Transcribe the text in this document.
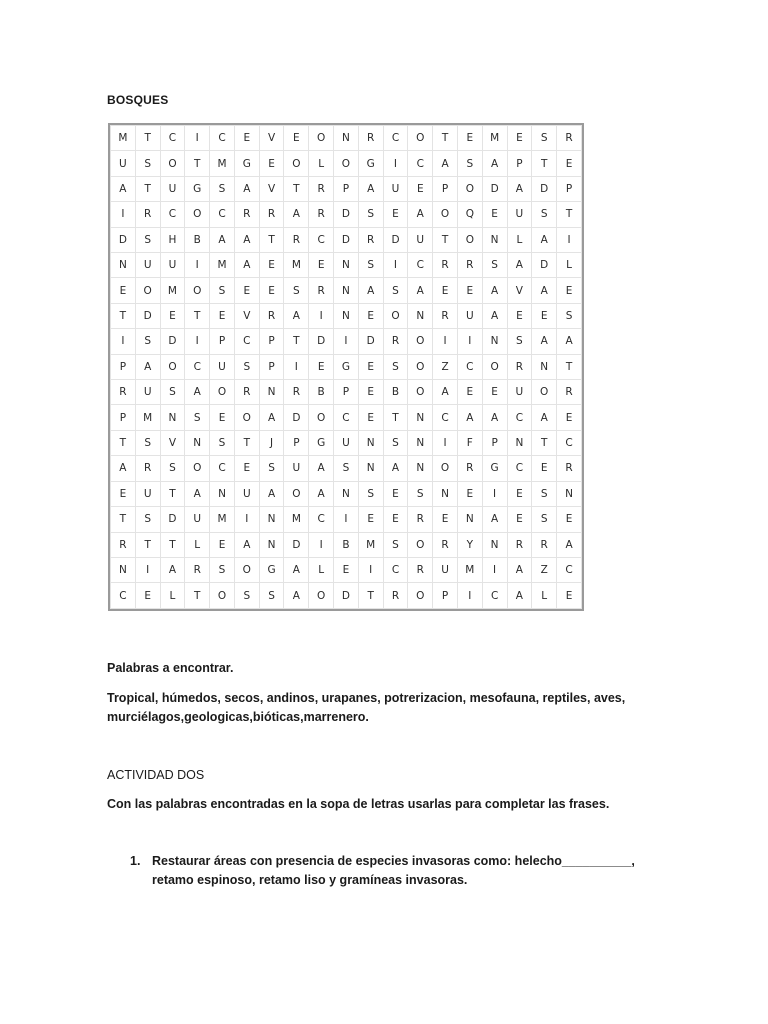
BOSQUES
M	T	C	I	C	E	V	E	O	N	R	C	O	T	E	M	E	S	R
U	S	O	T	M	G	E	O	L	O	G	I	C	A	S	A	P	T	E
A	T	U	G	S	A	V	T	R	P	A	U	E	P	O	D	A	D	P
I	R	C	O	C	R	R	A	R	D	S	E	A	O	Q	E	U	S	T
D	S	H	B	A	A	T	R	C	D	R	D	U	T	O	N	L	A	I
N	U	U	I	M	A	E	M	E	N	S	I	C	R	R	S	A	D	L
E	O	M	O	S	E	E	S	R	N	A	S	A	E	E	A	V	A	E
T	D	E	T	E	V	R	A	I	N	E	O	N	R	U	A	E	E	S
I	S	D	I	P	C	P	T	D	I	D	R	O	I	I	N	S	A	A
P	A	O	C	U	S	P	I	E	G	E	S	O	Z	C	O	R	N	T
R	U	S	A	O	R	N	R	B	P	E	B	O	A	E	E	U	O	R
P	M	N	S	E	O	A	D	O	C	E	T	N	C	A	A	C	A	E
T	S	V	N	S	T	J	P	G	U	N	S	N	I	F	P	N	T	C
A	R	S	O	C	E	S	U	A	S	N	A	N	O	R	G	C	E	R
E	U	T	A	N	U	A	O	A	N	S	E	S	N	E	I	E	S	N
T	S	D	U	M	I	N	M	C	I	E	E	R	E	N	A	E	S	E
R	T	T	L	E	A	N	D	I	B	M	S	O	R	Y	N	R	R	A
N	I	A	R	S	O	G	A	L	E	I	C	R	U	M	I	A	Z	C
C	E	L	T	O	S	S	A	O	D	T	R	O	P	I	C	A	L	E
Palabras a encontrar.
Tropical, húmedos, secos, andinos, urapanes, potrerizacion, mesofauna, reptiles, aves, murciélagos,geologicas,bióticas,marrenero.
ACTIVIDAD DOS
Con las palabras encontradas en la sopa de letras usarlas para completar las frases.
1. Restaurar áreas con presencia de especies invasoras como: helecho__________, retamo espinoso, retamo liso y gramíneas invasoras.
